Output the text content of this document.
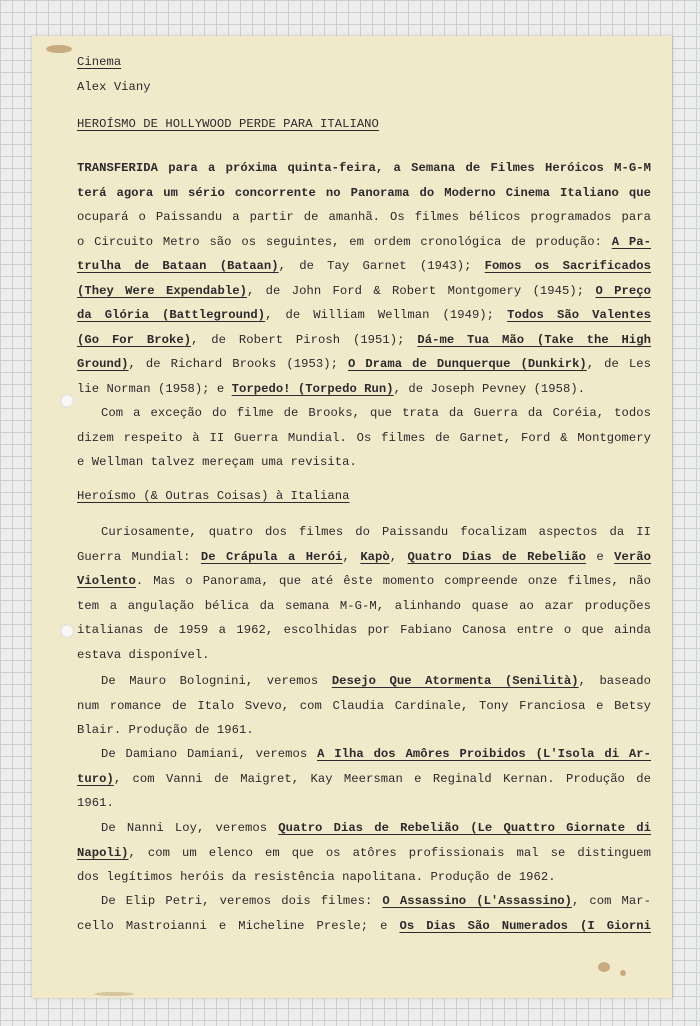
Cinema
Alex Viany
HEROÍSMO DE HOLLYWOOD PERDE PARA ITALIANO
TRANSFERIDA para a próxima quinta-feira, a Semana de Filmes Heróicos M-G-M
terá agora um sério concorrente no Panorama do Moderno Cinema Italiano que
ocupará o Paissandu a partir de amanhã. Os filmes bélicos programados para
o Circuito Metro são os seguintes, em ordem cronológica de produção: A Pa-
trulha de Bataan (Bataan), de Tay Garnet (1943); Fomos os Sacrificados
(They Were Expendable), de John Ford & Robert Montgomery (1945); O Preço
da Glória (Battleground), de William Wellman (1949); Todos São Valentes
(Go For Broke), de Robert Pirosh (1951); Dá-me Tua Mão (Take the High
Ground), de Richard Brooks (1953); O Drama de Dunquerque (Dunkirk), de Les
lie Norman (1958); e Torpedo! (Torpedo Run), de Joseph Pevney (1958).
Com a exceção do filme de Brooks, que trata da Guerra da Coréia, todos
dizem respeito à II Guerra Mundial. Os filmes de Garnet, Ford & Montgomery
e Wellman talvez mereçam uma revisita.
Heroísmo (& Outras Coisas) à Italiana
Curiosamente, quatro dos filmes do Paissandu focalizam aspectos da II
Guerra Mundial: De Crápula a Herói, Kapò, Quatro Dias de Rebelião e Verão
Violento. Mas o Panorama, que até êste momento compreende onze filmes, não
tem a angulação bélica da semana M-G-M, alinhando quase ao azar produções
italianas de 1959 a 1962, escolhidas por Fabiano Canosa entre o que ainda
estava disponível.
De Mauro Bolognini, veremos Desejo Que Atormenta (Senilità), baseado
num romance de Italo Svevo, com Claudia Cardinale, Tony Franciosa e Betsy
Blair. Produção de 1961.
De Damiano Damiani, veremos A Ilha dos Amôres Proibidos (L'Isola di Ar-
turo), com Vanni de Maigret, Kay Meersman e Reginald Kernan. Produção de
1961.
De Nanni Loy, veremos Quatro Dias de Rebelião (Le Quattro Giornate di
Napoli), com um elenco em que os atôres profissionais mal se distinguem
dos legítimos heróis da resistência napolitana. Produção de 1962.
De Elip Petri, veremos dois filmes: O Assassino (L'Assassino), com Mar-
cello Mastroianni e Micheline Presle; e Os Dias São Numerados (I Giorni
